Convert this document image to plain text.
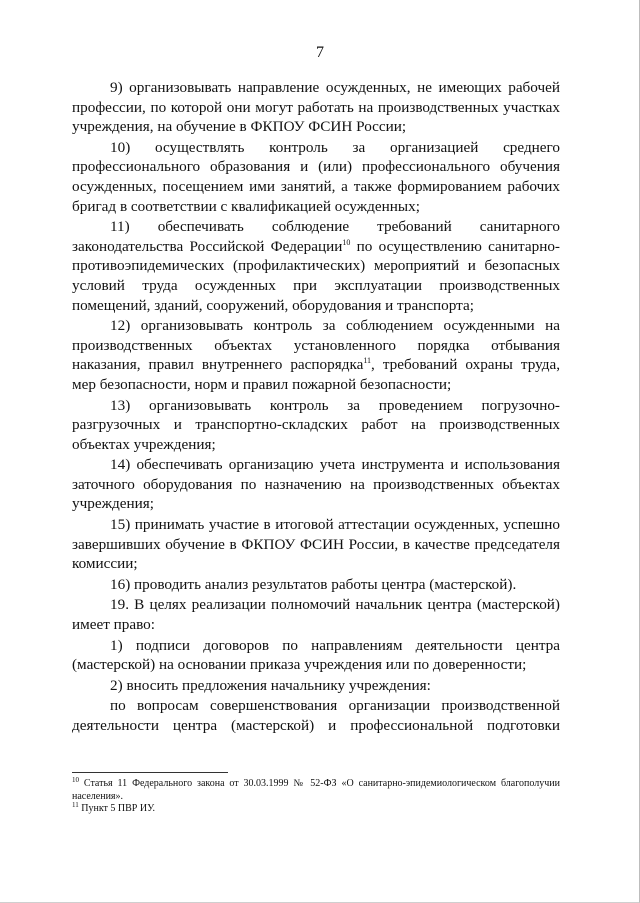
7

9) организовывать направление осужденных, не имеющих рабочей профессии, по которой они могут работать на производственных участках учреждения, на обучение в ФКПОУ ФСИН России;

10) осуществлять контроль за организацией среднего профессионального образования и (или) профессионального обучения осужденных, посещением ими занятий, а также формированием рабочих бригад в соответствии с квалификацией осужденных;

11) обеспечивать соблюдение требований санитарного законодательства Российской Федерации$^{10}$ по осуществлению санитарно-противоэпидемических (профилактических) мероприятий и безопасных условий труда осужденных при эксплуатации производственных помещений, зданий, сооружений, оборудования и транспорта;

12) организовывать контроль за соблюдением осужденными на производственных объектах установленного порядка отбывания наказания, правил внутреннего распорядка$^{11}$, требований охраны труда, мер безопасности, норм и правил пожарной безопасности;

13) организовывать контроль за проведением погрузочно-разгрузочных и транспортно-складских работ на производственных объектах учреждения;

14) обеспечивать организацию учета инструмента и использования заточного оборудования по назначению на производственных объектах учреждения;

15) принимать участие в итоговой аттестации осужденных, успешно завершивших обучение в ФКПОУ ФСИН России, в качестве председателя комиссии;

16) проводить анализ результатов работы центра (мастерской).

19. В целях реализации полномочий начальник центра (мастерской) имеет право:

1) подписи договоров по направлениям деятельности центра (мастерской) на основании приказа учреждения или по доверенности;

2) вносить предложения начальнику учреждения:

по вопросам совершенствования организации производственной деятельности центра (мастерской) и профессиональной подготовки

$^{10}$ Статья 11 Федерального закона от 30.03.1999 № 52-ФЗ «О санитарно-эпидемиологическом благополучии населения».

$^{11}$ Пункт 5 ПВР ИУ.
